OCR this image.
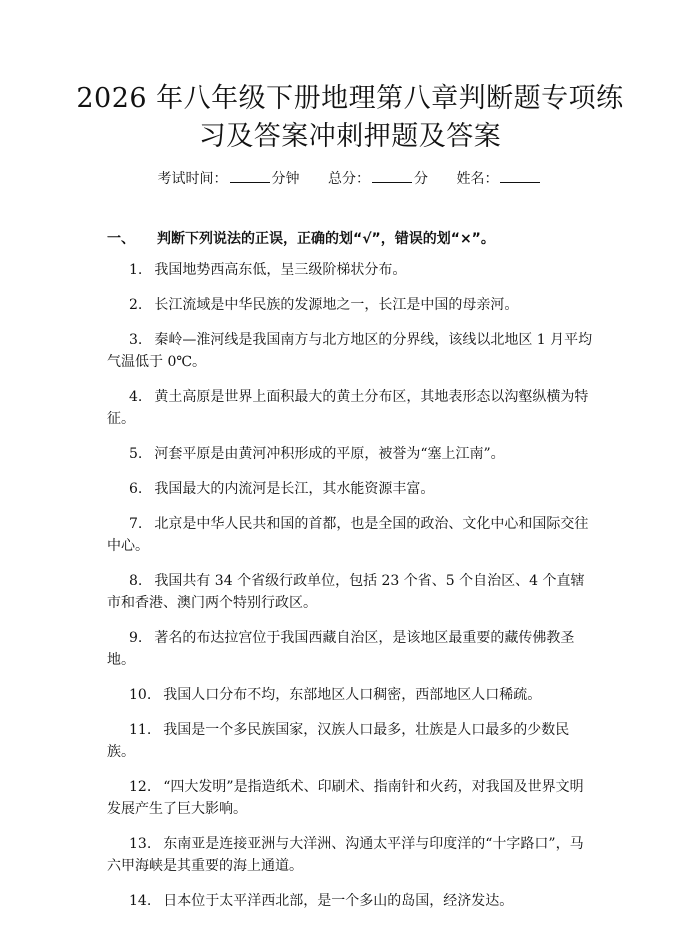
2026 年八年级下册地理第八章判断题专项练
习及答案冲刺押题及答案
考试时间：	分钟 总分：	分 姓名：
一、 判断下列说法的正误，正确的划“√”，错误的划“×”。
1. 我国地势西高东低，呈三级阶梯状分布。
2. 长江流域是中华民族的发源地之一，长江是中国的母亲河。
3. 秦岭—淮河线是我国南方与北方地区的分界线，该线以北地区 1 月平均气温低于 0℃。
4. 黄土高原是世界上面积最大的黄土分布区，其地表形态以沟壑纵横为特征。
5. 河套平原是由黄河冲积形成的平原，被誉为“塞上江南”。
6. 我国最大的内流河是长江，其水能资源丰富。
7. 北京是中华人民共和国的首都，也是全国的政治、文化中心和国际交往中心。
8. 我国共有 34 个省级行政单位，包括 23 个省、5 个自治区、4 个直辖市和香港、澳门两个特别行政区。
9. 著名的布达拉宫位于我国西藏自治区，是该地区最重要的藏传佛教圣地。
10. 我国人口分布不均，东部地区人口稠密，西部地区人口稀疏。
11. 我国是一个多民族国家，汉族人口最多，壮族是人口最多的少数民族。
12. “四大发明”是指造纸术、印刷术、指南针和火药，对我国及世界文明发展产生了巨大影响。
13. 东南亚是连接亚洲与大洋洲、沟通太平洋与印度洋的“十字路口”，马六甲海峡是其重要的海上通道。
14. 日本位于太平洋西北部，是一个多山的岛国，经济发达。
